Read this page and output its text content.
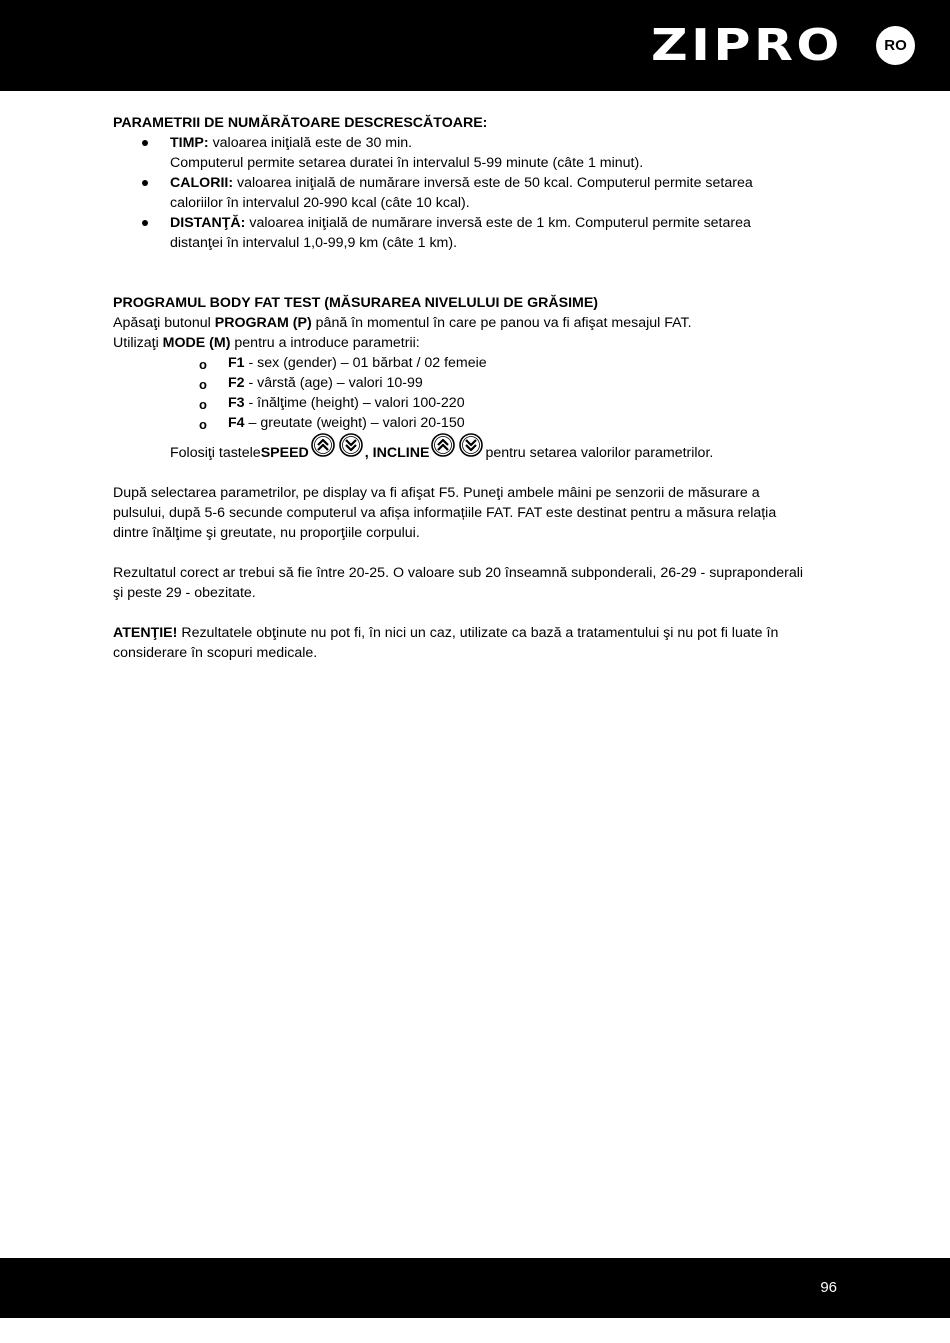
ZIPRO	RO
PARAMETRII DE NUMĂRĂTOARE DESCRESCĂTOARE:
TIMP: valoarea iniţială este de 30 min.
Computerul permite setarea duratei în intervalul 5-99 minute (câte 1 minut).
CALORII: valoarea iniţială de numărare inversă este de 50 kcal. Computerul permite setarea
caloriilor în intervalul 20-990 kcal (câte 10 kcal).
DISTANŢĂ: valoarea iniţială de numărare inversă este de 1 km. Computerul permite setarea
distanţei în intervalul 1,0-99,9 km (câte 1 km).
PROGRAMUL BODY FAT TEST (MĂSURAREA NIVELULUI DE GRĂSIME)
Apăsaţi butonul PROGRAM (P) până în momentul în care pe panou va fi afişat mesajul FAT.
Utilizaţi MODE (M) pentru a introduce parametrii:
o F1 - sex (gender) – 01 bărbat / 02 femeie
o F2 - vârstă (age) – valori 10-99
o F3 - înălţime (height) – valori 100-220
o F4 – greutate (weight) – valori 20-150
Folosiţi tastele SPEED	, INCLINE	pentru setarea valorilor parametrilor.
După selectarea parametrilor, pe display va fi afişat F5. Puneţi ambele mâini pe senzorii de măsurare a
pulsului, după 5-6 secunde computerul va afișa informațiile FAT. FAT este destinat pentru a măsura relația
dintre înălţime şi greutate, nu proporţiile corpului.
Rezultatul corect ar trebui să fie între 20-25. O valoare sub 20 înseamnă subponderali, 26-29 - supraponderali
şi peste 29 - obezitate.
ATENŢIE! Rezultatele obţinute nu pot fi, în nici un caz, utilizate ca bază a tratamentului şi nu pot fi luate în
considerare în scopuri medicale.
96
